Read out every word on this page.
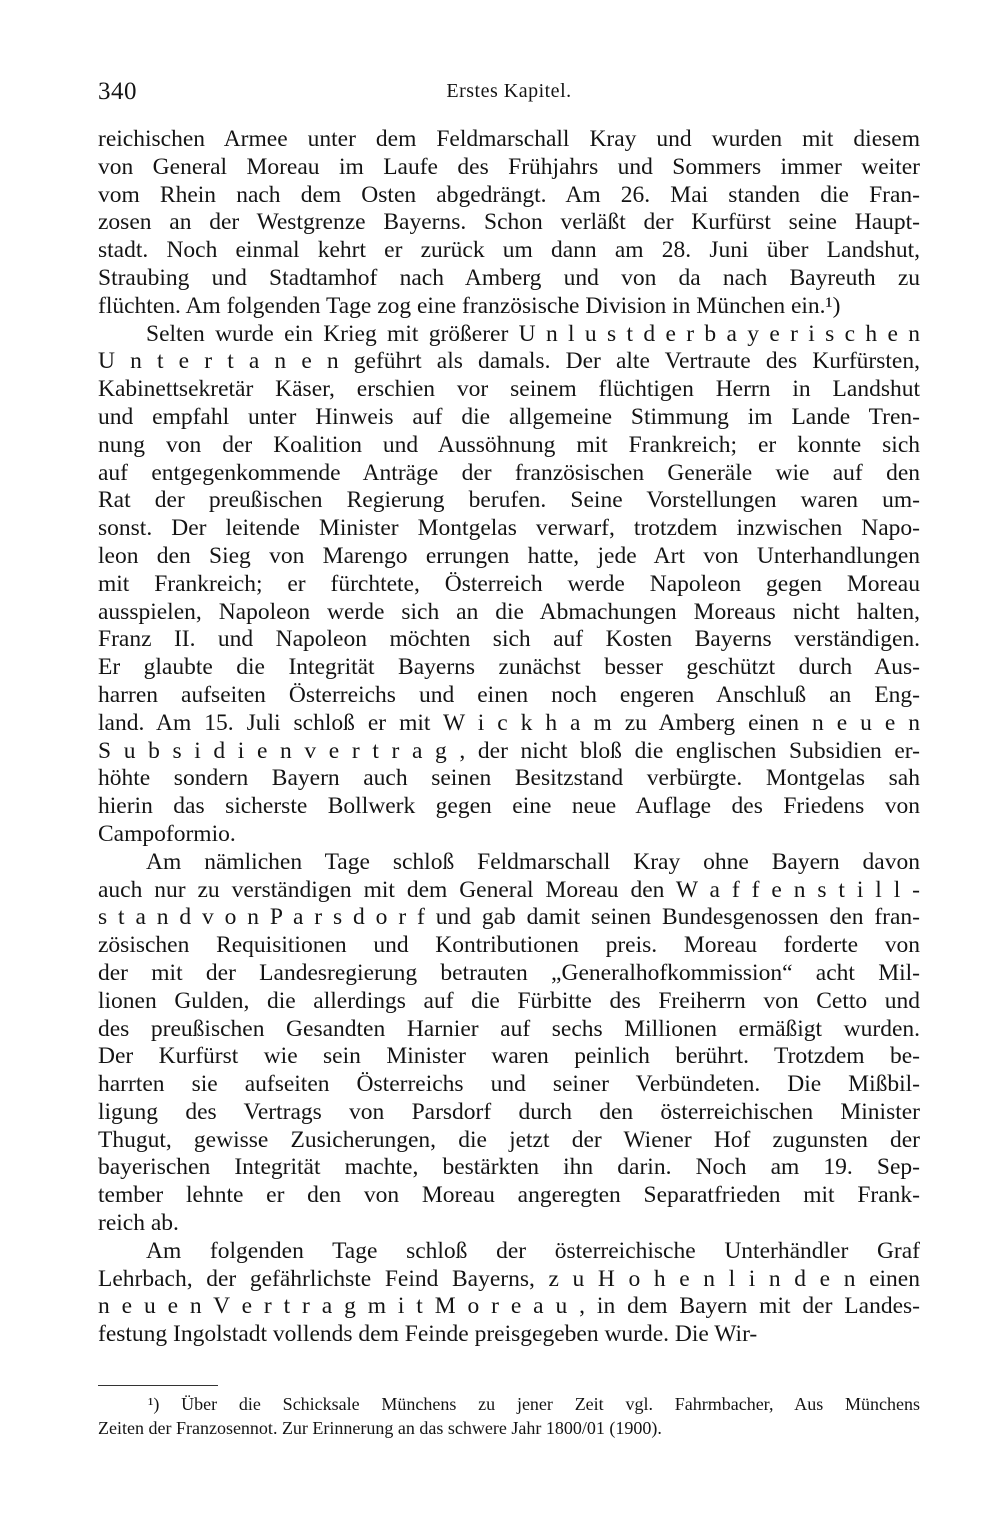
340	Erstes Kapitel.
reichischen Armee unter dem Feldmarschall Kray und wurden mit diesem
von General Moreau im Laufe des Frühjahrs und Sommers immer weiter
vom Rhein nach dem Osten abgedrängt. Am 26. Mai standen die Fran-
zosen an der Westgrenze Bayerns. Schon verläßt der Kurfürst seine Haupt-
stadt. Noch einmal kehrt er zurück um dann am 28. Juni über Landshut,
Straubing und Stadtamhof nach Amberg und von da nach Bayreuth zu
flüchten. Am folgenden Tage zog eine französische Division in München ein.¹)
Selten wurde ein Krieg mit größerer U n l u s t d e r b a y e r i s c h e n
U n t e r t a n e n geführt als damals. Der alte Vertraute des Kurfürsten,
Kabinettsekretär Käser, erschien vor seinem flüchtigen Herrn in Landshut
und empfahl unter Hinweis auf die allgemeine Stimmung im Lande Tren-
nung von der Koalition und Aussöhnung mit Frankreich; er konnte sich
auf entgegenkommende Anträge der französischen Generäle wie auf den
Rat der preußischen Regierung berufen. Seine Vorstellungen waren um-
sonst. Der leitende Minister Montgelas verwarf, trotzdem inzwischen Napo-
leon den Sieg von Marengo errungen hatte, jede Art von Unterhandlungen
mit Frankreich; er fürchtete, Österreich werde Napoleon gegen Moreau
ausspielen, Napoleon werde sich an die Abmachungen Moreaus nicht halten,
Franz II. und Napoleon möchten sich auf Kosten Bayerns verständigen.
Er glaubte die Integrität Bayerns zunächst besser geschützt durch Aus-
harren aufseiten Österreichs und einen noch engeren Anschluß an Eng-
land. Am 15. Juli schloß er mit W i c k h a m zu Amberg einen n e u e n
S u b s i d i e n v e r t r a g , der nicht bloß die englischen Subsidien er-
höhte sondern Bayern auch seinen Besitzstand verbürgte. Montgelas sah
hierin das sicherste Bollwerk gegen eine neue Auflage des Friedens von
Campoformio.
Am nämlichen Tage schloß Feldmarschall Kray ohne Bayern davon
auch nur zu verständigen mit dem General Moreau den W a f f e n s t i l l -
s t a n d v o n P a r s d o r f und gab damit seinen Bundesgenossen den fran-
zösischen Requisitionen und Kontributionen preis. Moreau forderte von
der mit der Landesregierung betrauten „Generalhofkommission“ acht Mil-
lionen Gulden, die allerdings auf die Fürbitte des Freiherrn von Cetto und
des preußischen Gesandten Harnier auf sechs Millionen ermäßigt wurden.
Der Kurfürst wie sein Minister waren peinlich berührt. Trotzdem be-
harrten sie aufseiten Österreichs und seiner Verbündeten. Die Mißbil-
ligung des Vertrags von Parsdorf durch den österreichischen Minister
Thugut, gewisse Zusicherungen, die jetzt der Wiener Hof zugunsten der
bayerischen Integrität machte, bestärkten ihn darin. Noch am 19. Sep-
tember lehnte er den von Moreau angeregten Separatfrieden mit Frank-
reich ab.
Am folgenden Tage schloß der österreichische Unterhändler Graf
Lehrbach, der gefährlichste Feind Bayerns, z u H o h e n l i n d e n einen
n e u e n V e r t r a g m i t M o r e a u , in dem Bayern mit der Landes-
festung Ingolstadt vollends dem Feinde preisgegeben wurde. Die Wir-
¹) Über die Schicksale Münchens zu jener Zeit vgl. Fahrmbacher, Aus Münchens
Zeiten der Franzosennot. Zur Erinnerung an das schwere Jahr 1800/01 (1900).
